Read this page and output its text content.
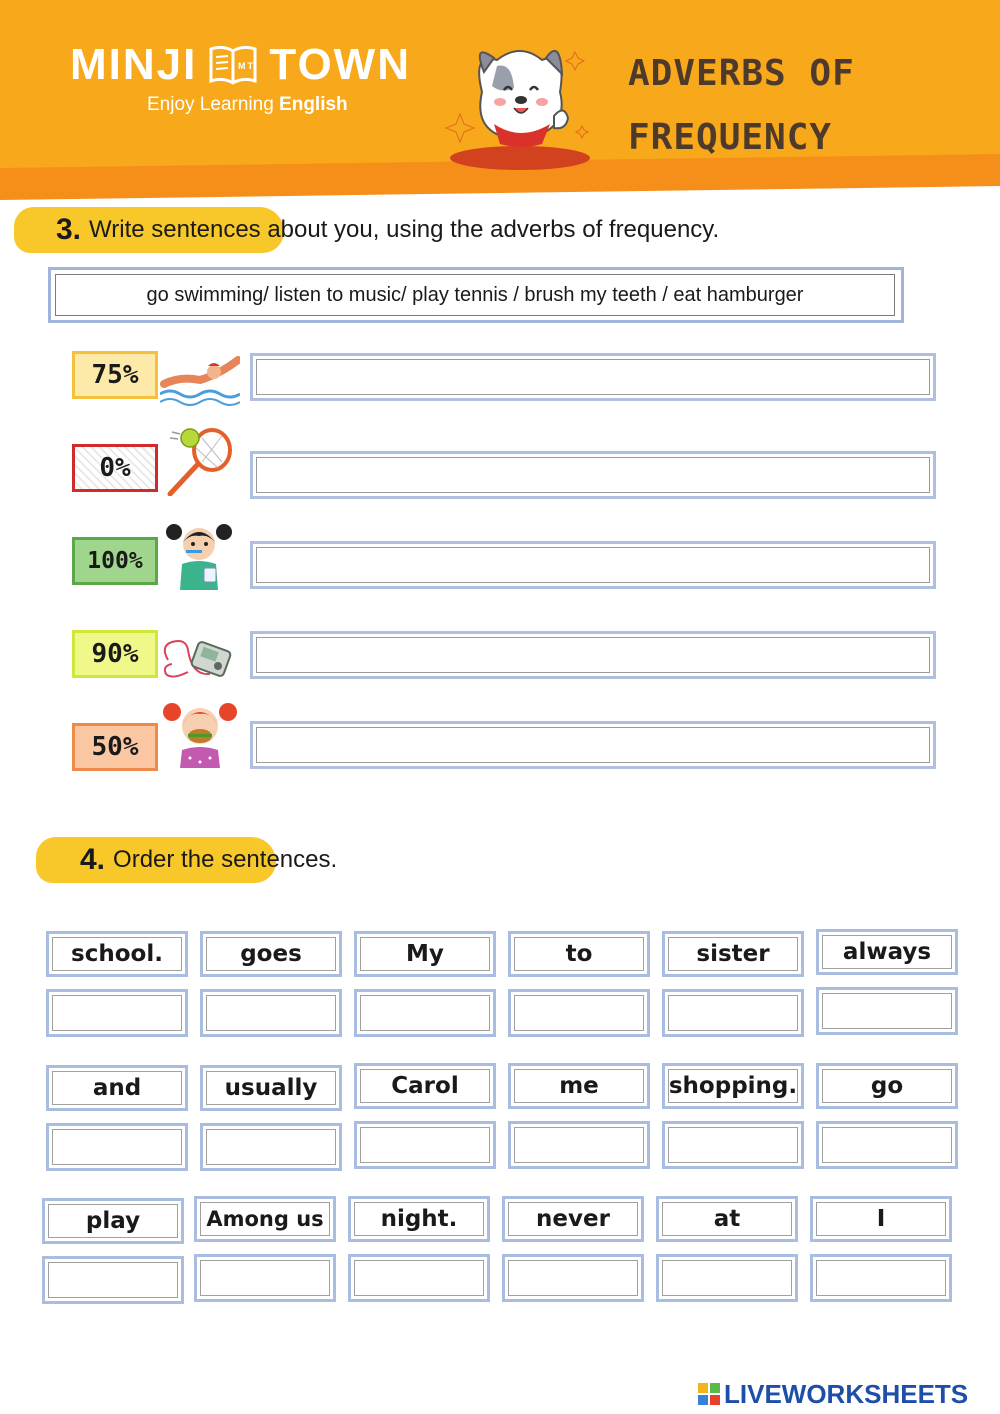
MINJI	MT TOWN
Enjoy Learning English
ADVERBS OF
FREQUENCY
3. Write sentences about you, using the adverbs of frequency.
go swimming/ listen to music/ play tennis / brush my teeth / eat hamburger
75%
0%
100%
90%
50%
4. Order the sentences.
school.	goes	My	to	sister	always
and	usually	Carol	me	shopping.	go
play	Among us night.	never	at	I
LIVEWORKSHEETS
